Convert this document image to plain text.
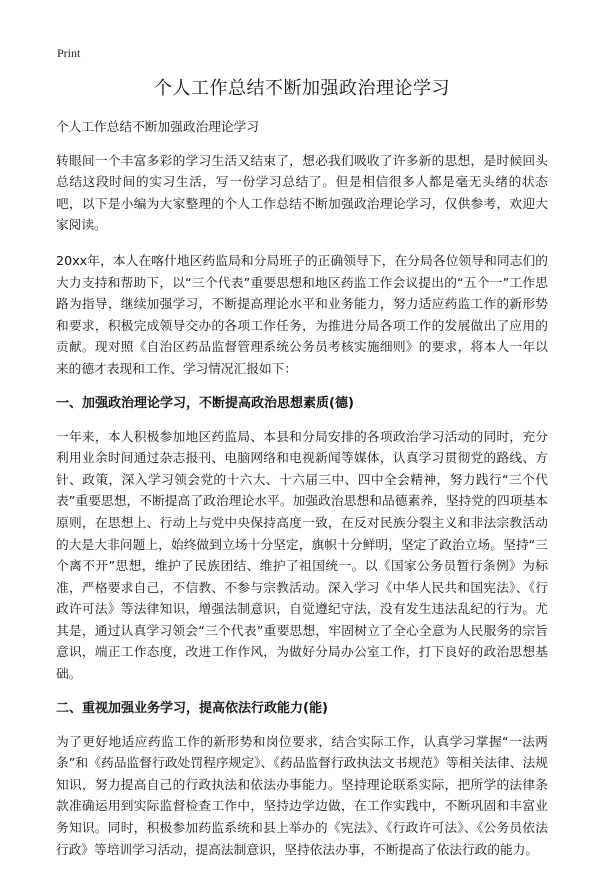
Print
个人工作总结不断加强政治理论学习

个人工作总结不断加强政治理论学习

转眼间一个丰富多彩的学习生活又结束了，想必我们吸收了许多新的思想，是时候回头总结这段时间的实习生活，写一份学习总结了。但是相信很多人都是毫无头绪的状态吧，以下是小编为大家整理的个人工作总结不断加强政治理论学习，仅供参考，欢迎大家阅读。

20xx年，本人在喀什地区药监局和分局班子的正确领导下，在分局各位领导和同志们的大力支持和帮助下，以“三个代表”重要思想和地区药监工作会议提出的“五个一”工作思路为指导，继续加强学习，不断提高理论水平和业务能力，努力适应药监工作的新形势和要求，积极完成领导交办的各项工作任务，为推进分局各项工作的发展做出了应用的贡献。现对照《自治区药品监督管理系统公务员考核实施细则》的要求，将本人一年以来的德才表现和工作、学习情况汇报如下：

一、加强政治理论学习，不断提高政治思想素质(德)

一年来，本人积极参加地区药监局、本县和分局安排的各项政治学习活动的同时，充分利用业余时间通过杂志报刊、电脑网络和电视新闻等媒体，认真学习贯彻党的路线、方针、政策，深入学习领会党的十六大、十六届三中、四中全会精神，努力践行“三个代表”重要思想，不断提高了政治理论水平。加强政治思想和品德素养，坚持党的四项基本原则，在思想上、行动上与党中央保持高度一致，在反对民族分裂主义和非法宗教活动的大是大非问题上，始终做到立场十分坚定，旗帜十分鲜明，坚定了政治立场。坚持“三个离不开”思想，维护了民族团结、维护了祖国统一。以《国家公务员暂行条例》为标准，严格要求自己，不信教、不参与宗教活动。深入学习《中华人民共和国宪法》、《行政许可法》等法律知识，增强法制意识，自觉遵纪守法，没有发生违法乱纪的行为。尤其是，通过认真学习领会“三个代表”重要思想，牢固树立了全心全意为人民服务的宗旨意识，端正工作态度，改进工作作风，为做好分局办公室工作，打下良好的政治思想基础。

二、重视加强业务学习，提高依法行政能力(能)

为了更好地适应药监工作的新形势和岗位要求，结合实际工作，认真学习掌握“一法两条”和《药品监督行政处罚程序规定》、《药品监督行政执法文书规范》等相关法律、法规知识，努力提高自己的行政执法和依法办事能力。坚持理论联系实际，把所学的法律条款准确运用到实际监督检查工作中，坚持边学边做，在工作实践中，不断巩固和丰富业务知识。同时，积极参加药监系统和县上举办的《宪法》、《行政许可法》、《公务员依法行政》等培训学习活动，提高法制意识，坚持依法办事，不断提高了依法行政的能力。
